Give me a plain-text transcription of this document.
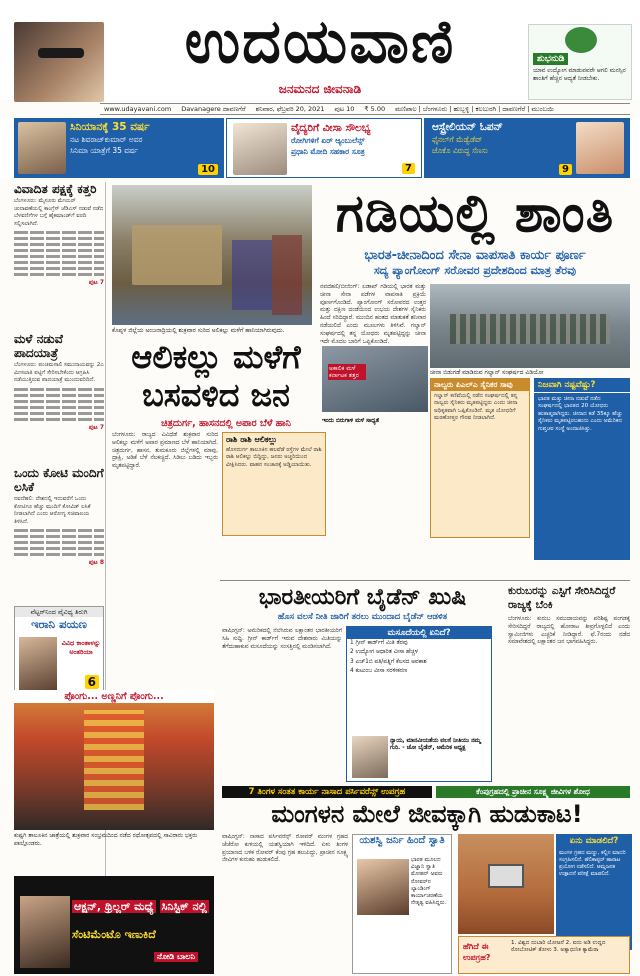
ಉದಯವಾಣಿ
ಜನಮನದ ಜೀವನಾಡಿ
ಶುಭನುಡಿ
ಯಾವ ಉದ್ಯೋಗ ಮಾಡುವವರೇ ಆಗಲಿ ಮನಸ್ಸಿನ ಶಾಂತಿಗೆ ಹೆಚ್ಚಿನ ಆದ್ಯತೆ ನೀಡಬೇಕು.
www.udayavani.com Davanagere ದಾವಣಗೆರೆ ಶನಿವಾರ, ಫೆಬ್ರವರಿ 20, 2021 ಪುಟ 10 ₹ 5.00 ಮಣಿಪಾಲ | ಬೆಂಗಳೂರು | ಹುಬ್ಬಳ್ಳಿ | ಕಲಬುರಗಿ | ದಾವಣಗೆರೆ | ಮುಂಬಯಿ
ಸಿನಿಯಾನಕ್ಕೆ 35 ವರ್ಷ
ನಟ ಶಿವರಾಜ್‌ಕುಮಾರ್ ಅವರ
ಸಿನಿಮಾ ಯಾತ್ರೆಗೆ 35 ವರ್ಷ
10
ವೈದ್ಯರಿಗೆ ವೀಸಾ ಸೌಲಭ್ಯ
ರೋಗಿಗಳಿಗೆ ಏರ್ ಆ್ಯಂಬುಲೆನ್ಸ್
ಪ್ರಧಾನಿ ಮೋದಿ ಸಹಕಾರ ಸೂತ್ರ
7
ಆಸ್ಟ್ರೇಲಿಯನ್ ಓಪನ್
ಫೈನಲ್‌ಗೆ ಮೆಡ್ವೆಡೆವ್
ಜೊಕೊ ವಿರುದ್ಧ ಸೆಣಸು
9
ವಿವಾದಿತ ಪಕ್ಷಕ್ಕೆ ಕತ್ತರಿ
ಬೆಂಗಳೂರು: ಮೈಸೂರು ಮೇಯರ್ ಚುನಾವಣೆಯಲ್ಲಿ ಕಾಂಗ್ರೆಸ್ ಜೆಡಿಎಸ್ ನಡುವೆ ನಡೆದ ಬೆಳವಣಿಗೆಗಳ ಬಗ್ಗೆ ಹೈಕಮಾಂಡ್‌ಗೆ ವರದಿ ಸಲ್ಲಿಸಲಾಗಿದೆ.
ಪುಟ 7
ಮಳೆ ನಡುವೆ ಪಾದಯಾತ್ರೆ
ಬೆಂಗಳೂರು: ಪಂಚಮಸಾಲಿ ಸಮುದಾಯವನ್ನು 2ಎ ಮೀಸಲಾತಿ ಪಟ್ಟಿಗೆ ಸೇರಿಸಬೇಕೆಂದು ಆಗ್ರಹಿಸಿ ನಡೆಯುತ್ತಿರುವ ಪಾದಯಾತ್ರೆ ಮುಂದುವರಿದಿದೆ.
ಪುಟ 7
ಒಂದು ಕೋಟಿ ಮಂದಿಗೆ ಲಸಿಕೆ
ನವದೆಹಲಿ: ದೇಶದಲ್ಲಿ ಇದುವರೆಗೆ ಒಂದು ಕೋಟಿಗೂ ಹೆಚ್ಚು ಮಂದಿಗೆ ಕೋವಿಡ್ ಲಸಿಕೆ ನೀಡಲಾಗಿದೆ ಎಂದು ಆರೋಗ್ಯ ಸಚಿವಾಲಯ ತಿಳಿಸಿದೆ.
ಪುಟ 8
ವೆಟ್ಟರ್‌ನಿಂದ ವೈವಿಧ್ಯ ತಿರುಗಿ
ಇರಾನಿ ಪಯಣ
ವಿವಿಧ ಕಾಂತಾಳನ್ನು ಅಂತರಿಯಾ
6
ಕೊಪ್ಪಳ ಜಿಲ್ಲೆಯ ಅಂಜನಾದ್ರಿಯಲ್ಲಿ ಶುಕ್ರವಾರ ಸುರಿದ ಅಲಿಕಲ್ಲು ಮಳೆಗೆ ಹಾನಿಯಾಗಿರುವುದು.
ಗಡಿಯಲ್ಲಿ ಶಾಂತಿ
ಭಾರತ-ಚೀನಾದಿಂದ ಸೇನಾ ವಾಪಸಾತಿ ಕಾರ್ಯ ಪೂರ್ಣ
ಸದ್ಯ ಪ್ಯಾಂಗೋಂಗ್ ಸರೋವರ ಪ್ರದೇಶದಿಂದ ಮಾತ್ರ ತೆರವು
ನವದೆಹಲಿ/ಬೀಜಿಂಗ್: ಲಡಾಖ್ ಗಡಿಯಲ್ಲಿ ಭಾರತ ಮತ್ತು ಚೀನಾ ಸೇನಾ ಪಡೆಗಳ ವಾಪಸಾತಿ ಪ್ರಕ್ರಿಯೆ ಪೂರ್ಣಗೊಂಡಿದೆ. ಪ್ಯಾಂಗೋಂಗ್ ಸರೋವರದ ಉತ್ತರ ಮತ್ತು ದಕ್ಷಿಣ ದಂಡೆಯಿಂದ ಉಭಯ ದೇಶಗಳ ಸೈನಿಕರು ಹಿಂದೆ ಸರಿದಿದ್ದಾರೆ. ಮುಂದಿನ ಹಂತದ ಮಾತುಕತೆ ಶನಿವಾರ ನಡೆಯಲಿದೆ ಎಂದು ಮೂಲಗಳು ತಿಳಿಸಿವೆ. ಗಲ್ವಾನ್ ಸಂಘರ್ಷದಲ್ಲಿ ತನ್ನ ಯೋಧರು ಮೃತಪಟ್ಟಿದ್ದನ್ನು ಚೀನಾ ಇದೇ ಮೊದಲ ಬಾರಿಗೆ ಒಪ್ಪಿಕೊಂಡಿದೆ.
ಚೀನಾ ಬಿಡುಗಡೆ ಮಾಡಿರುವ ಗಲ್ವಾನ್ ಸಂಘರ್ಷದ ವಿಡಿಯೋ
ನಾಲ್ವರು ಪಿಎಲ್‌ಎ ಸೈನಿಕರ ಸಾವು
ಗಲ್ವಾನ್ ಕಣಿವೆಯಲ್ಲಿ ನಡೆದ ಸಂಘರ್ಷದಲ್ಲಿ ತನ್ನ ನಾಲ್ವರು ಸೈನಿಕರು ಮೃತಪಟ್ಟಿದ್ದರು ಎಂದು ಚೀನಾ ಅಧಿಕೃತವಾಗಿ ಒಪ್ಪಿಕೊಂಡಿದೆ. ಮೃತ ಯೋಧರಿಗೆ ಮರಣೋತ್ತರ ಗೌರವ ನೀಡಲಾಗಿದೆ.
ನಿಜವಾಗಿ ನಷ್ಟವೆಷ್ಟು?
ಭಾರತ ಮತ್ತು ಚೀನಾ ನಡುವೆ ನಡೆದ ಸಂಘರ್ಷದಲ್ಲಿ ಭಾರತದ 20 ಯೋಧರು ಹುತಾತ್ಮರಾಗಿದ್ದರು. ಚೀನಾದ ಕಡೆ 35ಕ್ಕೂ ಹೆಚ್ಚು ಸೈನಿಕರು ಮೃತಪಟ್ಟಿರಬಹುದು ಎಂದು ಅಮೆರಿಕದ ಗುಪ್ತಚರ ಸಂಸ್ಥೆ ಅಂದಾಜಿಸಿತ್ತು.
ಆಲಿಕಲ್ಲು ಮಳೆಗೆ
ಬಸವಳಿದ ಜನ
ಚಿತ್ರದುರ್ಗ, ಹಾಸನದಲ್ಲಿ ಅಪಾರ ಬೆಳೆ ಹಾನಿ
ಅಕಾಲಿಕ ಮಳೆ ಕರ್ನಾಟಕ ತತ್ತರ
ಬೆಂಗಳೂರು: ರಾಜ್ಯದ ವಿವಿಧೆಡೆ ಶುಕ್ರವಾರ ಸುರಿದ ಆಲಿಕಲ್ಲು ಮಳೆಗೆ ಅಪಾರ ಪ್ರಮಾಣದ ಬೆಳೆ ಹಾನಿಯಾಗಿದೆ. ಚಿತ್ರದುರ್ಗ, ಹಾಸನ, ತುಮಕೂರು ಜಿಲ್ಲೆಗಳಲ್ಲಿ ಮಾವು, ದ್ರಾಕ್ಷಿ, ಅಡಿಕೆ ಬೆಳೆ ನೆಲಕಚ್ಚಿದೆ. ಸಿಡಿಲು ಬಡಿದು ಇಬ್ಬರು ಮೃತಪಟ್ಟಿದ್ದಾರೆ.
ರಾಶಿ ರಾಶಿ ಆಲಿಕಲ್ಲು
ಹೊಸದುರ್ಗ ತಾಲೂಕಿನ ಹಲವೆಡೆ ರಸ್ತೆಗಳ ಮೇಲೆ ರಾಶಿ ರಾಶಿ ಆಲಿಕಲ್ಲು ಬಿದ್ದಿದ್ದು, ಜನರು ಅಚ್ಚರಿಯಿಂದ ವೀಕ್ಷಿಸಿದರು. ವಾಹನ ಸಂಚಾರಕ್ಕೆ ಅಡ್ಡಿಯಾಯಿತು.
ಇಂದು ಬಿರುಗಾಳಿ ಮಳೆ ಸಾಧ್ಯತೆ
ಭಾರತೀಯರಿಗೆ ಬೈಡೆನ್ ಖುಷಿ
ಹೊಸ ವಲಸೆ ನೀತಿ ಜಾರಿಗೆ ತರಲು ಮುಂದಾದ ಬೈಡೆನ್ ಆಡಳಿತ
ವಾಷಿಂಗ್ಟನ್: ಅಮೆರಿಕದಲ್ಲಿ ನೆಲೆಸಿರುವ ಲಕ್ಷಾಂತರ ಭಾರತೀಯರಿಗೆ ಸಿಹಿ ಸುದ್ದಿ. ಗ್ರೀನ್ ಕಾರ್ಡ್‌ಗೆ ಇರುವ ದೇಶವಾರು ಮಿತಿಯನ್ನು ತೆಗೆದುಹಾಕುವ ಮಸೂದೆಯನ್ನು ಸಂಸತ್ತಿನಲ್ಲಿ ಮಂಡಿಸಲಾಗಿದೆ.
ಮಸೂದೆಯಲ್ಲಿ ಏನಿದೆ?
1 ಗ್ರೀನ್ ಕಾರ್ಡ್‌ಗೆ ಮಿತಿ ತೆರವು
2 ಉದ್ಯೋಗ ಆಧಾರಿತ ವೀಸಾ ಹೆಚ್ಚಳ
3 ಎಚ್‌1ಬಿ ಪತಿ/ಪತ್ನಿಗೆ ಕೆಲಸದ ಅವಕಾಶ
4 ಕುಟುಂಬ ವೀಸಾ ಸರಳೀಕರಣ
ನ್ಯಾಯ, ಮಾನವೀಯತೆಯ ವಲಸೆ ನೀತಿಯು ನಮ್ಮ ಗುರಿ. - ಜೋ ಬೈಡೆನ್, ಅಮೆರಿಕ ಅಧ್ಯಕ್ಷ
ಕುರುಬರನ್ನು ಎಸ್ಟಿಗೆ ಸೇರಿಸಿದಿದ್ದರೆ ರಾಜ್ಯಕ್ಕೆ ಬೆಂಕಿ
ಬೆಂಗಳೂರು: ಕುರುಬ ಸಮುದಾಯವನ್ನು ಪರಿಶಿಷ್ಟ ಪಂಗಡಕ್ಕೆ ಸೇರಿಸದಿದ್ದರೆ ರಾಜ್ಯದಲ್ಲಿ ಹೋರಾಟ ತೀವ್ರಗೊಳ್ಳಲಿದೆ ಎಂದು ಸ್ವಾಮೀಜಿಗಳು ಎಚ್ಚರಿಕೆ ನೀಡಿದ್ದಾರೆ. ಫೆ.7ರಂದು ನಡೆದ ಸಮಾವೇಶದಲ್ಲಿ ಲಕ್ಷಾಂತರ ಜನ ಭಾಗವಹಿಸಿದ್ದರು.
ಪೊಂಗು... ಅಣ್ಣನಿಗೆ ಪೊಂಗು...
ಕುಷ್ಟಗಿ ತಾಲೂಕಿನ ಜಾತ್ರೆಯಲ್ಲಿ ಶುಕ್ರವಾರ ಸಂಭ್ರಮದಿಂದ ನಡೆದ ರಥೋತ್ಸವದಲ್ಲಿ ಸಾವಿರಾರು ಭಕ್ತರು ಪಾಲ್ಗೊಂಡರು.
ಆಕ್ಷನ್, ಥ್ರಿಲ್ಲರ್ ಮಧ್ಯೆ ಸಿನಿಸ್ಟಿಕ್ ನಲ್ಲಿ
ಸೆಂಟಿಮೆಂಟೊ ಇಣುಕಿದೆ
ನೋಡಿ ಬಾಲನಿ
7 ತಿಂಗಳ ಸಂತತ ಕಾರ್ಯ ನಾಸಾದ ಪರ್ಸಿವರೆನ್ಸ್ ಉಪಗ್ರಹ	ಕೆಂಪುಗ್ರಹದಲ್ಲಿ ಪ್ರಾಚೀನ ಸೂಕ್ಷ್ಮ ಜೀವಿಗಳ ಶೋಧ
ಮಂಗಳನ ಮೇಲೆ ಜೀವಕ್ಕಾಗಿ ಹುಡುಕಾಟ!
ವಾಷಿಂಗ್ಟನ್: ನಾಸಾದ ಪರ್ಸಿವರೆನ್ಸ್ ರೋವರ್ ಮಂಗಳ ಗ್ರಹದ ಜೆಜೆರೋ ಕುಳಿಯಲ್ಲಿ ಯಶಸ್ವಿಯಾಗಿ ಇಳಿದಿದೆ. ಏಳು ತಿಂಗಳ ಪ್ರಯಾಣದ ಬಳಿಕ ರೋವರ್ ಕೆಂಪು ಗ್ರಹ ತಲುಪಿದ್ದು, ಪ್ರಾಚೀನ ಸೂಕ್ಷ್ಮ ಜೀವಿಗಳ ಕುರುಹು ಹುಡುಕಲಿದೆ.
ಯಶಸ್ವಿ ಜರ್ನಿ ಹಿಂದೆ ಸ್ವಾತಿ
ಭಾರತ ಮೂಲದ ವಿಜ್ಞಾನಿ ಸ್ವಾತಿ ಮೋಹನ್ ಅವರು ರೋವರ್‌ನ ಲ್ಯಾಂಡಿಂಗ್ ಕಾರ್ಯಾಚರಣೆಯ ನೇತೃತ್ವ ವಹಿಸಿದ್ದರು.
ಏನು ಮಾಡಲಿದೆ?
ಮಂಗಳ ಗ್ರಹದ ಮಣ್ಣು, ಕಲ್ಲಿನ ಮಾದರಿ ಸಂಗ್ರಹಿಸಲಿದೆ. ಹೆಲಿಕಾಪ್ಟರ್ ಹಾರಾಟ ಪ್ರಯೋಗ ನಡೆಸಲಿದೆ. ಆಮ್ಲಜನಕ ಉತ್ಪಾದನೆ ಪರೀಕ್ಷೆ ಮಾಡಲಿದೆ.
ಹೆಗಿದೆ ಈ ಉಪಗ್ರಹ?
1. ವಿಶ್ವದ ದುಬಾರಿ ಯೋಜನೆ 2. ಐದು ಅಡಿ ಉದ್ದದ ರೋಬೋಟಿಕ್ ತೋಳು 3. ಅತ್ಯಾಧುನಿಕ ಕ್ಯಾಮೆರಾ
